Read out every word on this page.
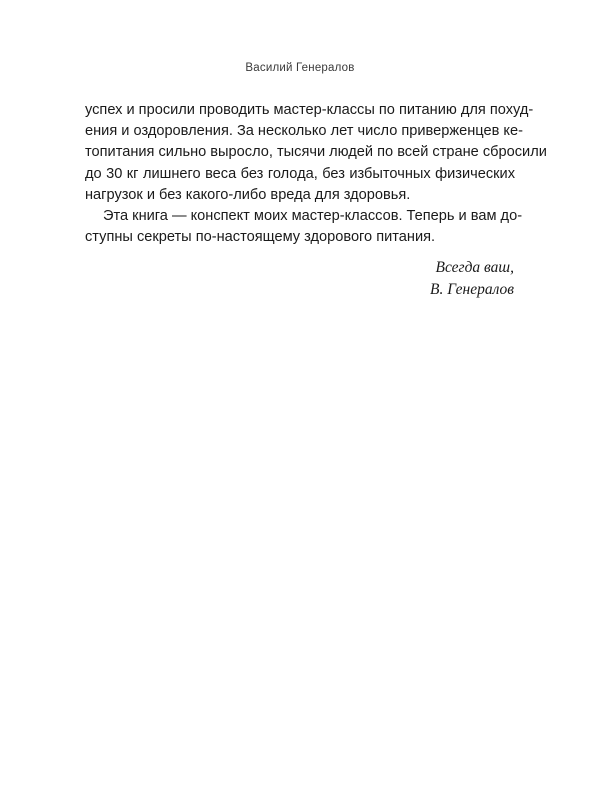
Василий Генералов
успех и просили проводить мастер-классы по питанию для похуд-
ения и оздоровления. За несколько лет число приверженцев ке-
топитания сильно выросло, тысячи людей по всей стране сбросили
до 30 кг лишнего веса без голода, без избыточных физических
нагрузок и без какого-либо вреда для здоровья.
Эта книга — конспект моих мастер-классов. Теперь и вам до-
ступны секреты по-настоящему здорового питания.
Всегда ваш,
В. Генералов
